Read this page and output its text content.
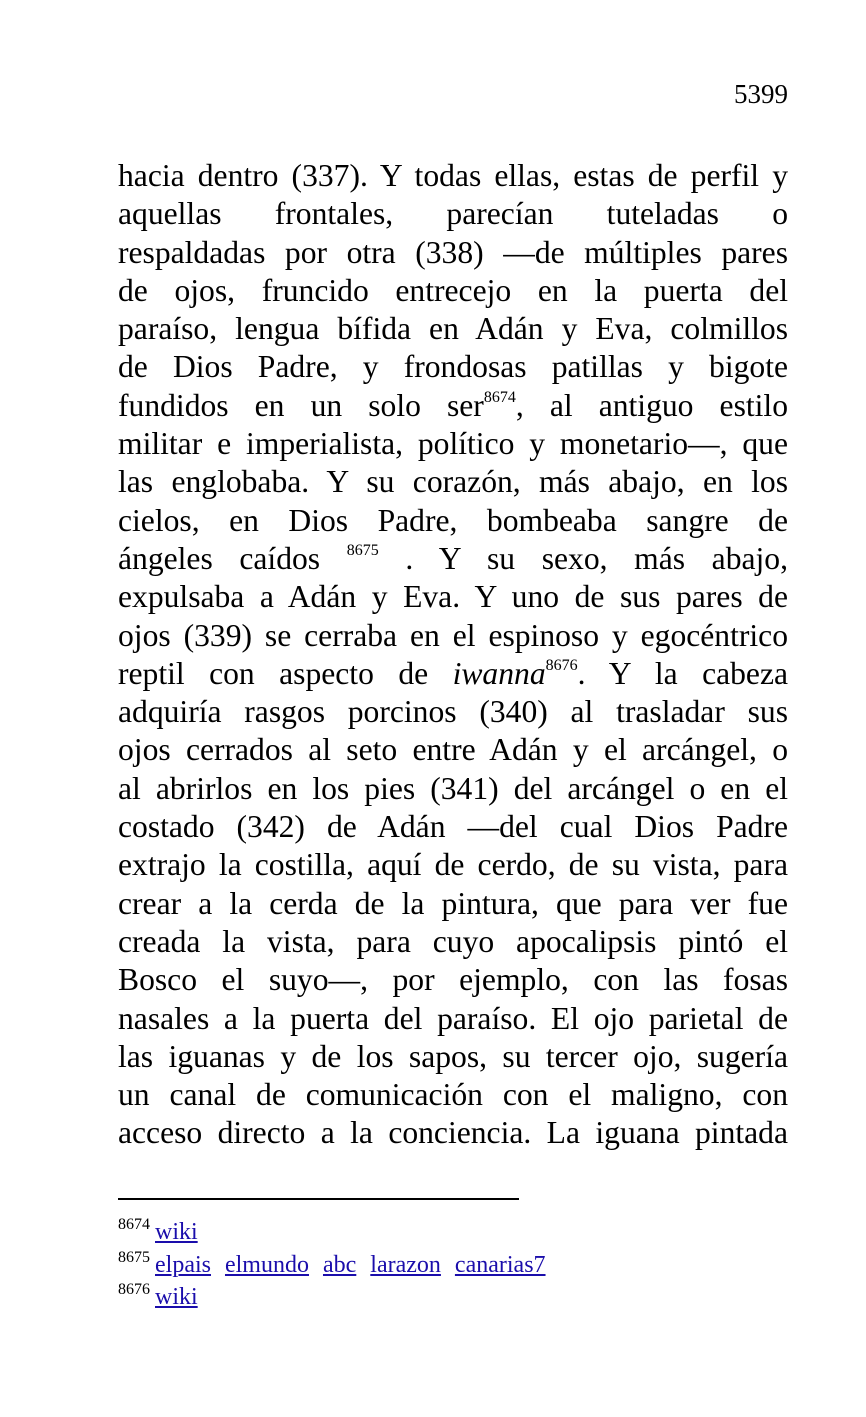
5399
hacia dentro (337). Y todas ellas, estas de perfil y
aquellas frontales, parecían tuteladas o
respaldadas por otra (338) —de múltiples pares
de ojos, fruncido entrecejo en la puerta del
paraíso, lengua bífida en Adán y Eva, colmillos
de Dios Padre, y frondosas patillas y bigote
fundidos en un solo ser$^{8674}$, al antiguo estilo
militar e imperialista, político y monetario—, que
las englobaba. Y su corazón, más abajo, en los
cielos, en Dios Padre, bombeaba sangre de
ángeles caídos $^{8675}$ . Y su sexo, más abajo,
expulsaba a Adán y Eva. Y uno de sus pares de
ojos (339) se cerraba en el espinoso y egocéntrico
reptil con aspecto de iwanna$^{8676}$. Y la cabeza
adquiría rasgos porcinos (340) al trasladar sus
ojos cerrados al seto entre Adán y el arcángel, o
al abrirlos en los pies (341) del arcángel o en el
costado (342) de Adán —del cual Dios Padre
extrajo la costilla, aquí de cerdo, de su vista, para
crear a la cerda de la pintura, que para ver fue
creada la vista, para cuyo apocalipsis pintó el
Bosco el suyo—, por ejemplo, con las fosas
nasales a la puerta del paraíso. El ojo parietal de
las iguanas y de los sapos, su tercer ojo, sugería
un canal de comunicación con el maligno, con
acceso directo a la conciencia. La iguana pintada
$^{8674}$ wiki
$^{8675}$ elpais elmundo abc larazon canarias7
$^{8676}$ wiki
